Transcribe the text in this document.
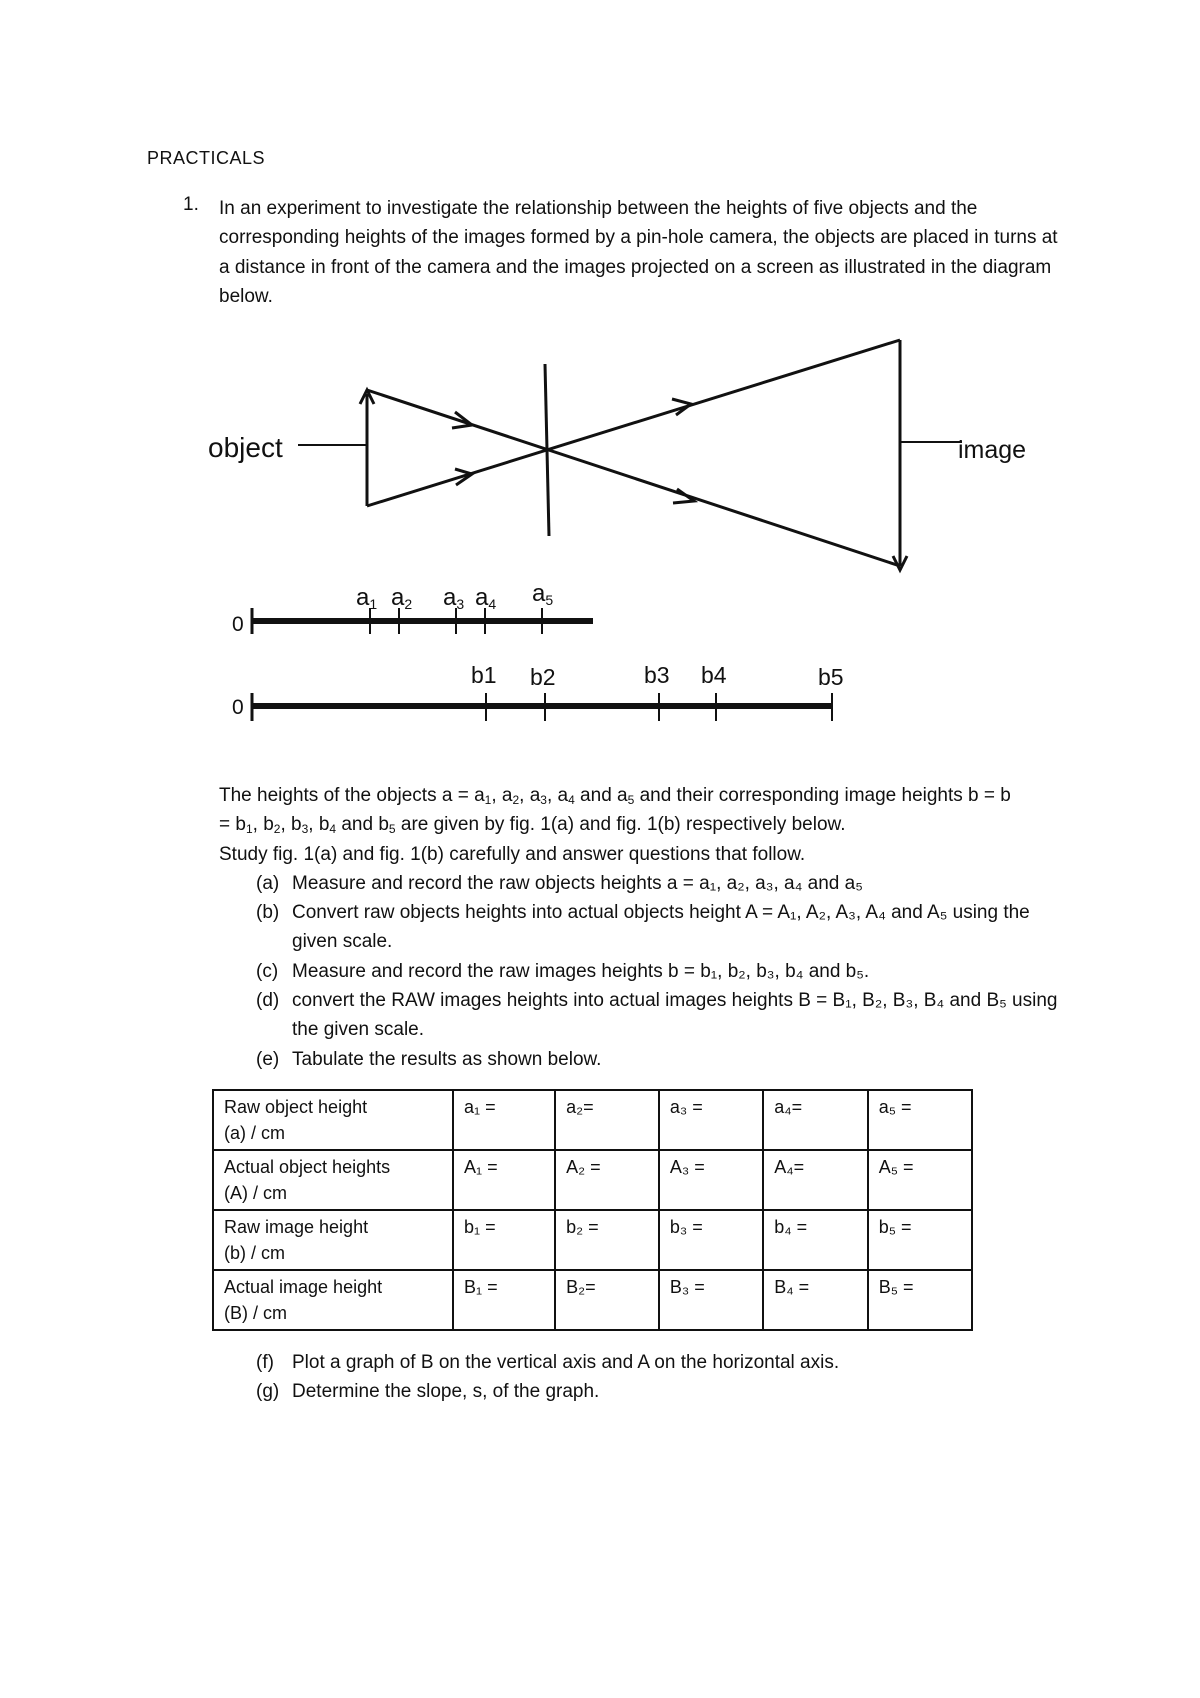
PRACTICALS
1. In an experiment to investigate the relationship between the heights of five objects and the corresponding heights of the images formed by a pin-hole camera, the objects are placed in turns at a distance in front of the camera and the images projected on a screen as illustrated in the diagram below.

object	image
0
a1 a2 a3 a4 a5
0
b1 b2	b3 b4	b5

The heights of the objects $a = a_1$, $a_2$, $a_3$, $a_4$ and $a_5$ and their corresponding image heights b = b

= $b_1$, $b_2$, $b_3$, $b_4$ and $b_5$ are given by fig. 1(a) and fig. 1(b) respectively below.

Study fig. 1(a) and fig. 1(b) carefully and answer questions that follow.

(a) Measure and record the raw objects heights a = a₁, a₂, a₃, a₄ and a₅
(b) Convert raw objects heights into actual objects height A = A₁, A₂, A₃, A₄ and A₅ using the given scale.
(c) Measure and record the raw images heights b = b₁, b₂, b₃, b₄ and b₅.
(d) convert the RAW images heights into actual images heights B = B₁, B₂, B₃, B₄ and B₅ using the given scale.
(e) Tabulate the results as shown below.
Raw object height
(a) / cm	a₁ =	a₂=	a₃ =	a₄=	a₅ =

Actual object heights
(A) / cm	A₁ =	A₂ =	A₃ =	A₄=	A₅ =

Raw image height
(b) / cm	b₁ =	b₂ =	b₃ =	b₄ =	b₅ =

Actual image height
(B) / cm	B₁ =	B₂=	B₃ =	B₄ =	B₅ =
(f) Plot a graph of B on the vertical axis and A on the horizontal axis.
(g) Determine the slope, s, of the graph.
